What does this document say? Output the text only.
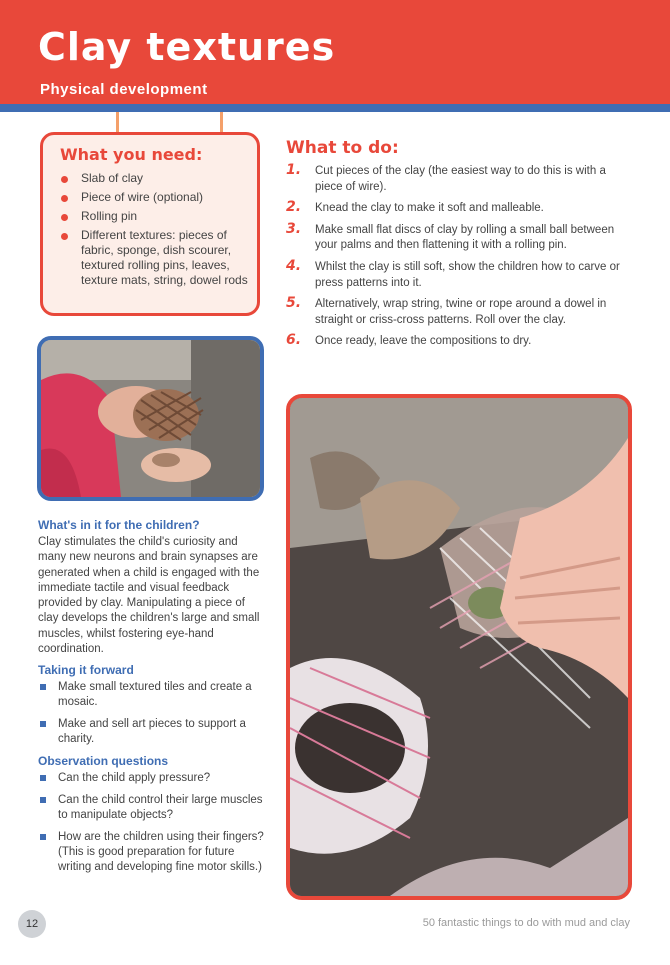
Clay textures
Physical development
What you need:
Slab of clay
Piece of wire (optional)
Rolling pin
Different textures: pieces of fabric, sponge, dish scourer, textured rolling pins, leaves, texture mats, string, dowel rods
What's in it for the children?

Clay stimulates the child's curiosity and many new neurons and brain synapses are generated when a child is engaged with the immediate tactile and visual feedback provided by clay. Manipulating a piece of clay develops the children's large and small muscles, whilst fostering eye-hand coordination.

Taking it forward
Make small textured tiles and create a mosaic.
Make and sell art pieces to support a charity.
Observation questions
Can the child apply pressure?
Can the child control their large muscles to manipulate objects?
How are the children using their fingers? (This is good preparation for future writing and developing fine motor skills.)
What to do:
1. Cut pieces of the clay (the easiest way to do this is with a piece of wire).
2. Knead the clay to make it soft and malleable.
3. Make small flat discs of clay by rolling a small ball between your palms and then flattening it with a rolling pin.
4. Whilst the clay is still soft, show the children how to carve or press patterns into it.
5. Alternatively, wrap string, twine or rope around a dowel in straight or criss-cross patterns. Roll over the clay.
6. Once ready, leave the compositions to dry.
12	50 fantastic things to do with mud and clay
